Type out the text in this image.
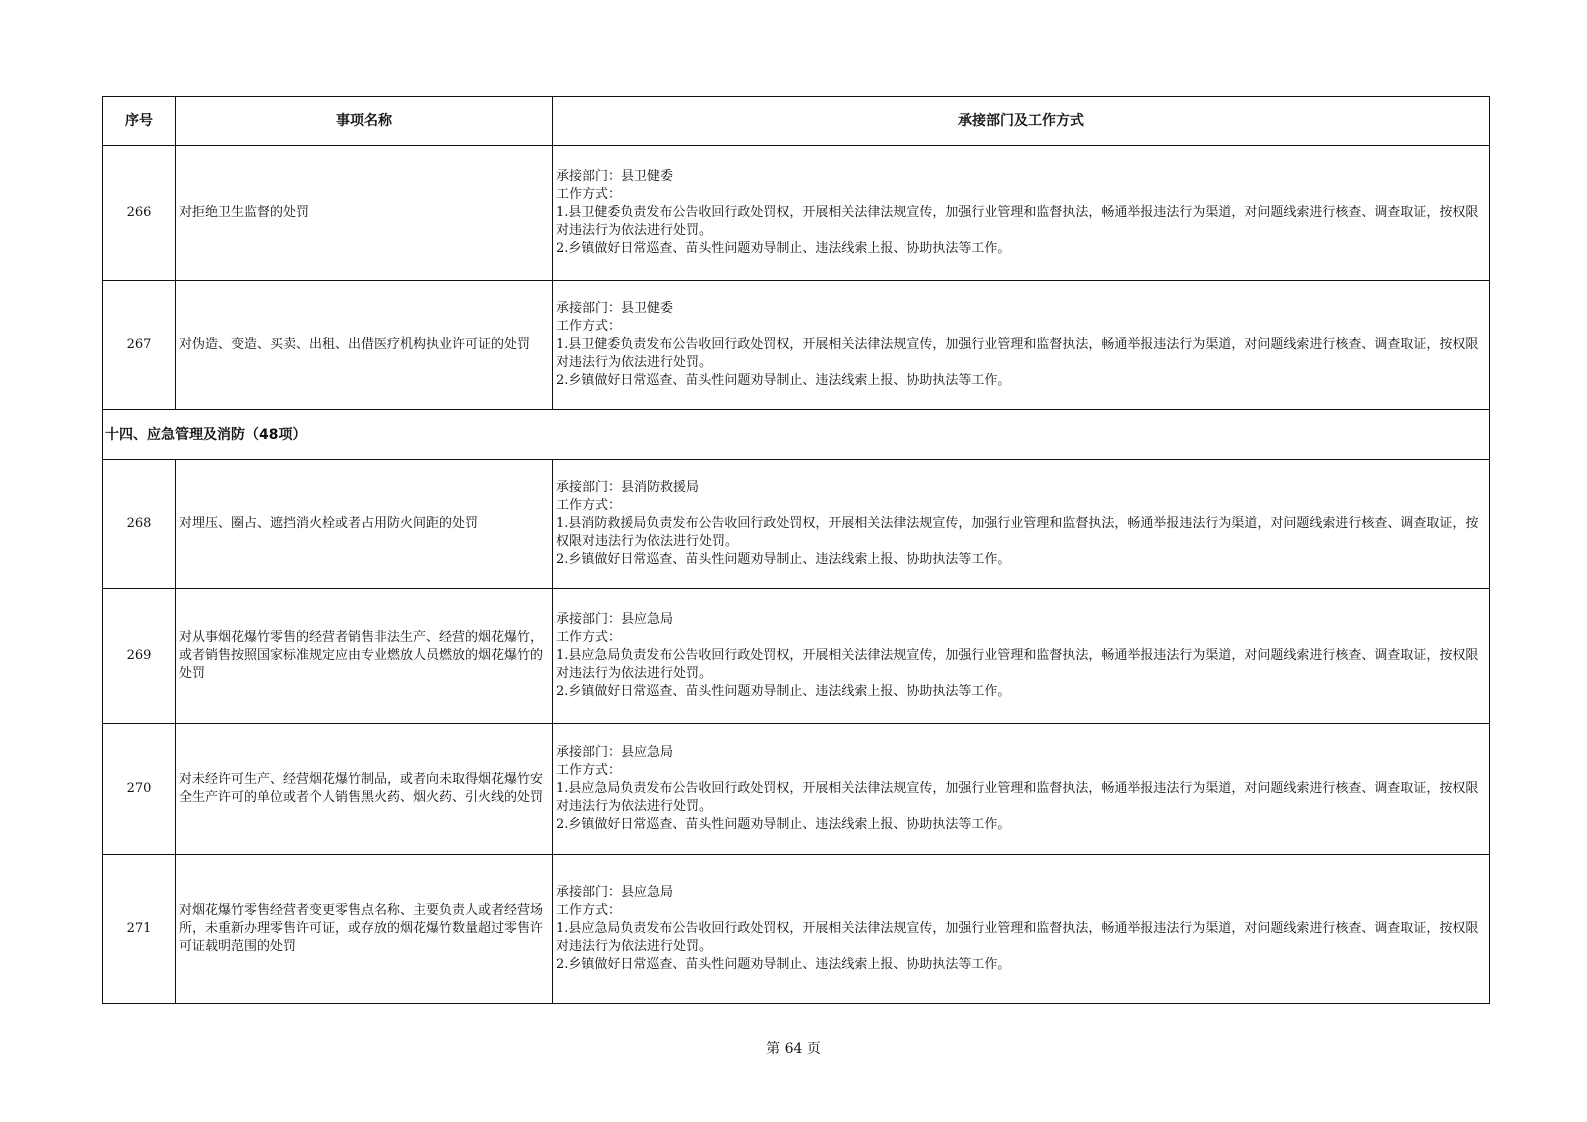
序号	事项名称	承接部门及工作方式
266	对拒绝卫生监督的处罚	承接部门：县卫健委
工作方式：
1.县卫健委负责发布公告收回行政处罚权，开展相关法律法规宣传，加强行业管理和监督执法，畅通举报违法行为渠道，对问题线索进行核查、调查取证，按权限对违法行为依法进行处罚。
2.乡镇做好日常巡查、苗头性问题劝导制止、违法线索上报、协助执法等工作。

267	对伪造、变造、买卖、出租、出借医疗机构执业许可证的处罚	承接部门：县卫健委
工作方式：
1.县卫健委负责发布公告收回行政处罚权，开展相关法律法规宣传，加强行业管理和监督执法，畅通举报违法行为渠道，对问题线索进行核查、调查取证，按权限对违法行为依法进行处罚。
2.乡镇做好日常巡查、苗头性问题劝导制止、违法线索上报、协助执法等工作。

十四、应急管理及消防（48项）		
268	对埋压、圈占、遮挡消火栓或者占用防火间距的处罚	承接部门：县消防救援局
工作方式：
1.县消防救援局负责发布公告收回行政处罚权，开展相关法律法规宣传，加强行业管理和监督执法，畅通举报违法行为渠道，对问题线索进行核查、调查取证，按权限对违法行为依法进行处罚。
2.乡镇做好日常巡查、苗头性问题劝导制止、违法线索上报、协助执法等工作。

269	对从事烟花爆竹零售的经营者销售非法生产、经营的烟花爆竹，或者销售按照国家标准规定应由专业燃放人员燃放的烟花爆竹的处罚	承接部门：县应急局
工作方式：
1.县应急局负责发布公告收回行政处罚权，开展相关法律法规宣传，加强行业管理和监督执法，畅通举报违法行为渠道，对问题线索进行核查、调查取证，按权限对违法行为依法进行处罚。
2.乡镇做好日常巡查、苗头性问题劝导制止、违法线索上报、协助执法等工作。

270	对未经许可生产、经营烟花爆竹制品，或者向未取得烟花爆竹安全生产许可的单位或者个人销售黑火药、烟火药、引火线的处罚	承接部门：县应急局
工作方式：
1.县应急局负责发布公告收回行政处罚权，开展相关法律法规宣传，加强行业管理和监督执法，畅通举报违法行为渠道，对问题线索进行核查、调查取证，按权限对违法行为依法进行处罚。
2.乡镇做好日常巡查、苗头性问题劝导制止、违法线索上报、协助执法等工作。

271	对烟花爆竹零售经营者变更零售点名称、主要负责人或者经营场所，未重新办理零售许可证，或存放的烟花爆竹数量超过零售许可证载明范围的处罚	承接部门：县应急局
工作方式：
1.县应急局负责发布公告收回行政处罚权，开展相关法律法规宣传，加强行业管理和监督执法，畅通举报违法行为渠道，对问题线索进行核查、调查取证，按权限对违法行为依法进行处罚。
2.乡镇做好日常巡查、苗头性问题劝导制止、违法线索上报、协助执法等工作。
第 64 页
